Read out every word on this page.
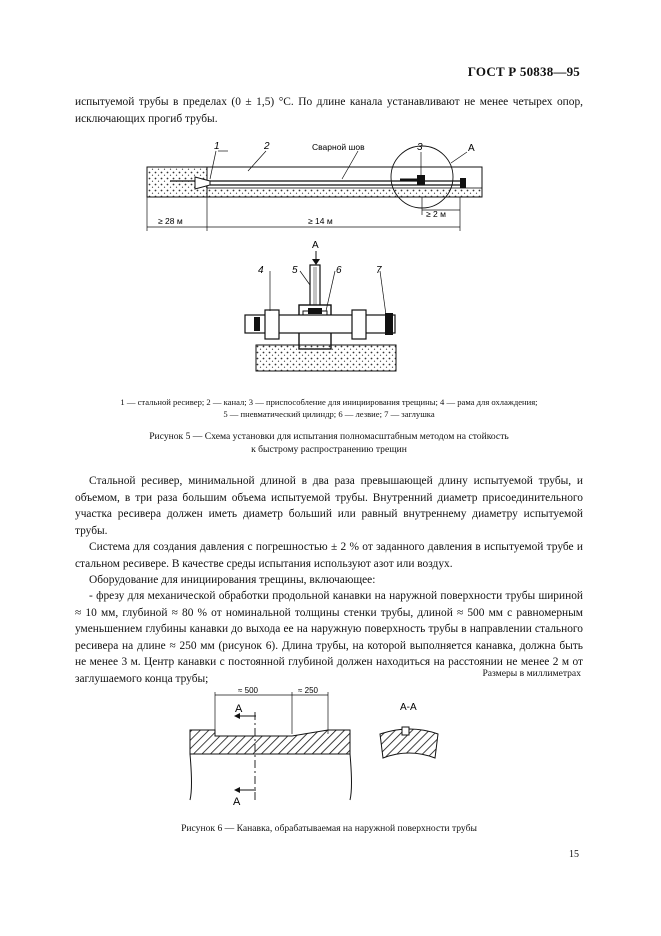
ГОСТ Р 50838—95

испытуемой трубы в пределах (0 ± 1,5) °С. По длине канала устанавливают не менее четырех опор, исключающих прогиб трубы.

1	2	Сварной шов	3	A
≥ 28 м	≥ 14 м
≥ 2 м
A
4	5	6	7
1 — стальной ресивер; 2 — канал; 3 — приспособление для инициирования трещины; 4 — рама для охлаждения;
5 — пневматический цилиндр; 6 — лезвие; 7 — заглушка
Рисунок 5 — Схема установки для испытания полномасштабным методом на стойкость
к быстрому распространению трещин

Стальной ресивер, минимальной длиной в два раза превышающей длину испытуемой трубы, и объемом, в три раза большим объема испытуемой трубы. Внутренний диаметр присоединительного участка ресивера должен иметь диаметр больший или равный внутреннему диаметру испытуемой трубы.

Система для создания давления с погрешностью ± 2 % от заданного давления в испытуемой трубе и стальном ресивере. В качестве среды испытания используют азот или воздух.

Оборудование для инициирования трещины, включающее:

- фрезу для механической обработки продольной канавки на наружной поверхности трубы шириной ≈ 10 мм, глубиной ≈ 80 % от номинальной толщины стенки трубы, длиной ≈ 500 мм с равномерным уменьшением глубины канавки до выхода ее на наружную поверхность трубы в направлении стального ресивера на длине ≈ 250 мм (рисунок 6). Длина трубы, на которой выполняется канавка, должна быть не менее 3 м. Центр канавки с постоянной глубиной должен находиться на расстоянии не менее 2 м от заглушаемого конца трубы;	Размеры в миллиметрах
≈ 500	≈ 250
A
A
A-A
Рисунок 6 — Канавка, обрабатываемая на наружной поверхности трубы
15
